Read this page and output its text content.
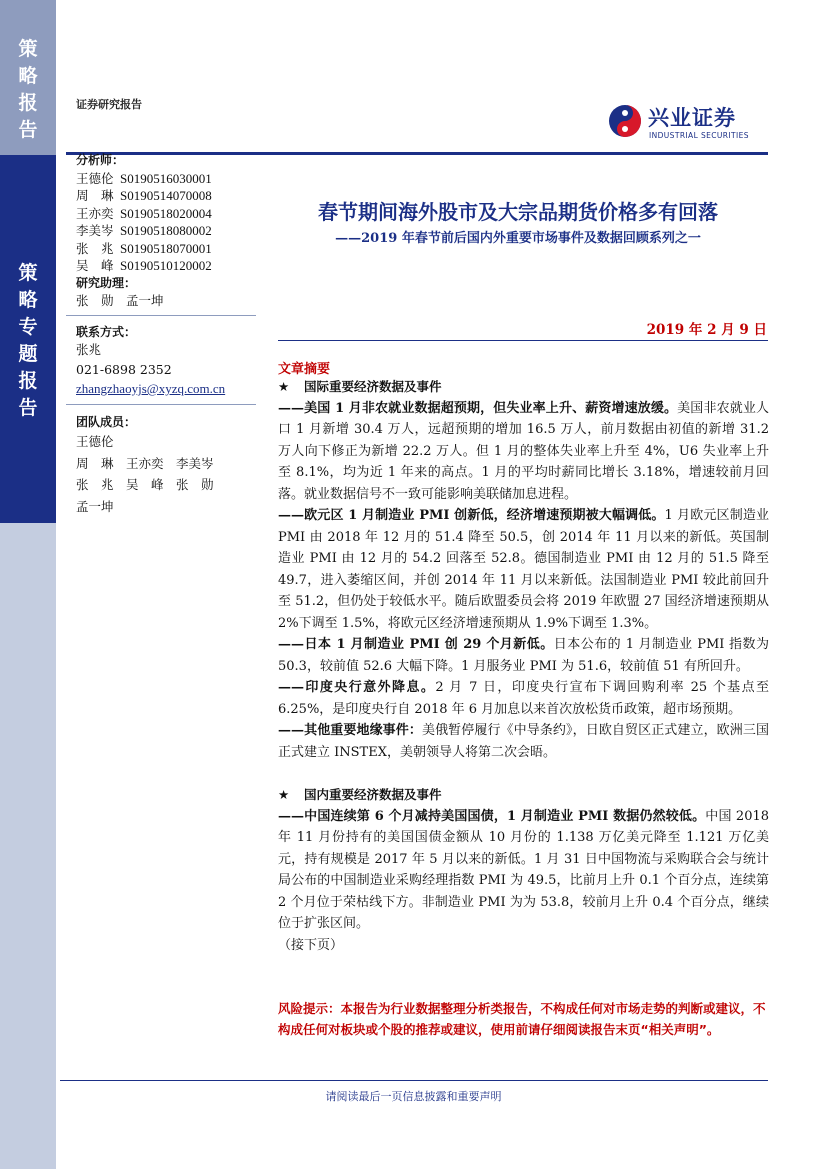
策
略
报
告
策
略
专
题
报
告
证券研究报告
兴业证券
INDUSTRIAL SECURITIES
分析师：
王德伦 S0190516030001
周　琳 S0190514070008
王亦奕 S0190518020004
李美岑 S0190518080002
张　兆 S0190518070001
吴　峰 S0190510120002
研究助理：
张　勋　孟一坤
联系方式：
张兆
021-6898 2352
zhangzhaoyjs@xyzq.com.cn
团队成员：
王德伦
周　琳　王亦奕　李美岑
张　兆　吴　峰　张　勋
孟一坤
春节期间海外股市及大宗品期货价格多有回落
——2019 年春节前后国内外重要市场事件及数据回顾系列之一
2019 年 2 月 9 日
文章摘要

★ 国际重要经济数据及事件

——美国 1 月非农就业数据超预期，但失业率上升、薪资增速放缓。美国非农就业人口 1 月新增 30.4 万人，远超预期的增加 16.5 万人，前月数据由初值的新增 31.2 万人向下修正为新增 22.2 万人。但 1 月的整体失业率上升至 4%，U6 失业率上升至 8.1%，均为近 1 年来的高点。1 月的平均时薪同比增长 3.18%，增速较前月回落。就业数据信号不一致可能影响美联储加息进程。

——欧元区 1 月制造业 PMI 创新低，经济增速预期被大幅调低。1 月欧元区制造业 PMI 由 2018 年 12 月的 51.4 降至 50.5，创 2014 年 11 月以来的新低。英国制造业 PMI 由 12 月的 54.2 回落至 52.8。德国制造业 PMI 由 12 月的 51.5 降至 49.7，进入萎缩区间，并创 2014 年 11 月以来新低。法国制造业 PMI 较此前回升至 51.2，但仍处于较低水平。随后欧盟委员会将 2019 年欧盟 27 国经济增速预期从 2%下调至 1.5%，将欧元区经济增速预期从 1.9%下调至 1.3%。

——日本 1 月制造业 PMI 创 29 个月新低。日本公布的 1 月制造业 PMI 指数为 50.3，较前值 52.6 大幅下降。1 月服务业 PMI 为 51.6，较前值 51 有所回升。

——印度央行意外降息。2 月 7 日，印度央行宣布下调回购利率 25 个基点至 6.25%，是印度央行自 2018 年 6 月加息以来首次放松货币政策，超市场预期。

——其他重要地缘事件：美俄暂停履行《中导条约》，日欧自贸区正式建立，欧洲三国正式建立 INSTEX，美朝领导人将第二次会晤。

★ 国内重要经济数据及事件

——中国连续第 6 个月减持美国国债，1 月制造业 PMI 数据仍然较低。中国 2018 年 11 月份持有的美国国债金额从 10 月份的 1.138 万亿美元降至 1.121 万亿美元，持有规模是 2017 年 5 月以来的新低。1 月 31 日中国物流与采购联合会与统计局公布的中国制造业采购经理指数 PMI 为 49.5，比前月上升 0.1 个百分点，连续第 2 个月位于荣枯线下方。非制造业 PMI 为为 53.8，较前月上升 0.4 个百分点，继续位于扩张区间。

（接下页）

风险提示：本报告为行业数据整理分析类报告，不构成任何对市场走势的判断或建议，不构成任何对板块或个股的推荐或建议，使用前请仔细阅读报告末页“相关声明”。
请阅读最后一页信息披露和重要声明
